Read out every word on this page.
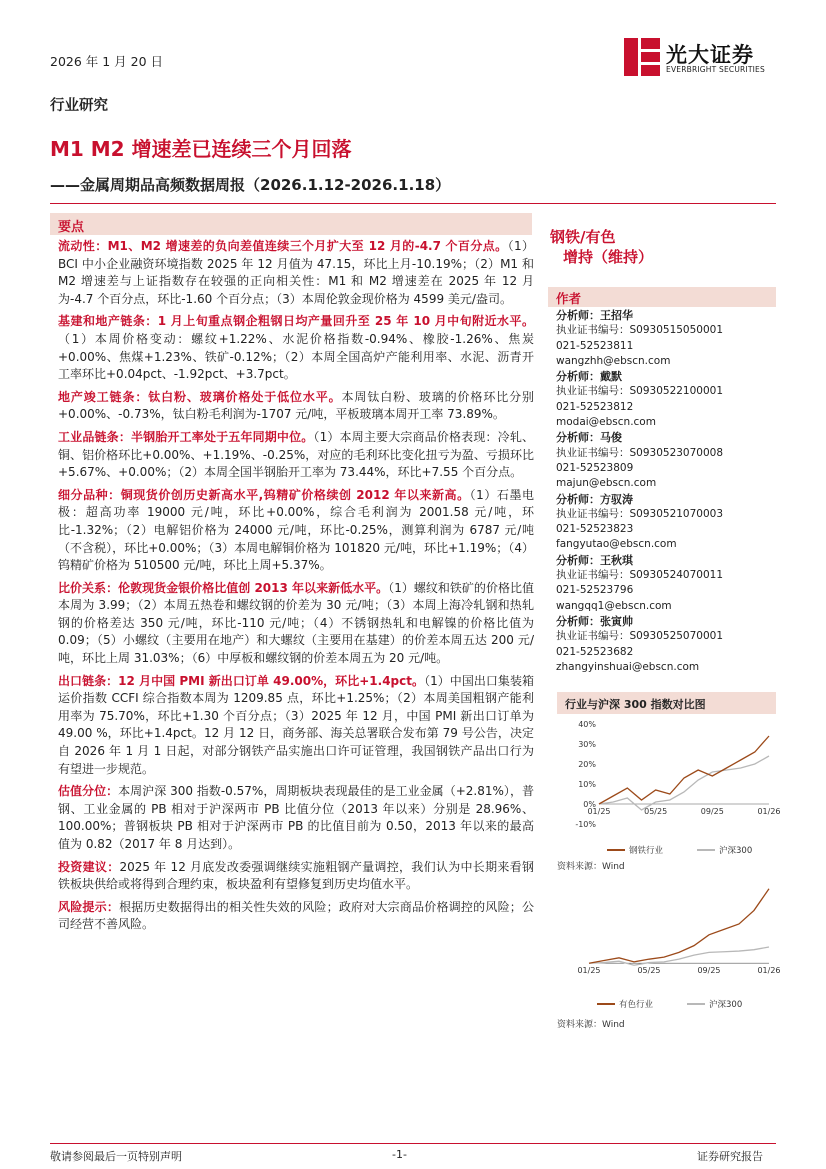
2026 年 1 月 20 日	光大证券
EVERBRIGHT SECURITIES
行业研究
M1 M2 增速差已连续三个月回落
——金属周期品高频数据周报（2026.1.12-2026.1.18）
要点

流动性：M1、M2 增速差的负向差值连续三个月扩大至 12 月的-4.7 个百分点。（1）BCI 中小企业融资环境指数 2025 年 12 月值为 47.15，环比上月-10.19%；（2）M1 和 M2 增速差与上证指数存在较强的正向相关性：M1 和 M2 增速差在 2025 年 12 月为-4.7 个百分点，环比-1.60 个百分点；（3）本周伦敦金现价格为 4599 美元/盎司。

基建和地产链条：1 月上旬重点钢企粗钢日均产量回升至 25 年 10 月中旬附近水平。（1）本周价格变动：螺纹+1.22%、水泥价格指数-0.94%、橡胶-1.26%、焦炭+0.00%、焦煤+1.23%、铁矿-0.12%；（2）本周全国高炉产能利用率、水泥、沥青开工率环比+0.04pct、-1.92pct、+3.7pct。

地产竣工链条：钛白粉、玻璃价格处于低位水平。本周钛白粉、玻璃的价格环比分别+0.00%、-0.73%，钛白粉毛利润为-1707 元/吨，平板玻璃本周开工率 73.89%。

工业品链条：半钢胎开工率处于五年同期中位。（1）本周主要大宗商品价格表现：冷轧、铜、铝价格环比+0.00%、+1.19%、-0.25%，对应的毛利环比变化扭亏为盈、亏损环比+5.67%、+0.00%；（2）本周全国半钢胎开工率为 73.44%，环比+7.55 个百分点。

细分品种：铜现货价创历史新高水平,钨精矿价格续创 2012 年以来新高。（1）石墨电极：超高功率 19000 元/吨，环比+0.00%，综合毛利润为 2001.58 元/吨，环比-1.32%；（2）电解铝价格为 24000 元/吨，环比-0.25%，测算利润为 6787 元/吨（不含税），环比+0.00%；（3）本周电解铜价格为 101820 元/吨，环比+1.19%；（4）钨精矿价格为 510500 元/吨，环比上周+5.37%。

比价关系：伦敦现货金银价格比值创 2013 年以来新低水平。（1）螺纹和铁矿的价格比值本周为 3.99；（2）本周五热卷和螺纹钢的价差为 30 元/吨；（3）本周上海冷轧钢和热轧钢的价格差达 350 元/吨，环比-110 元/吨；（4）不锈钢热轧和电解镍的价格比值为 0.09；（5）小螺纹（主要用在地产）和大螺纹（主要用在基建）的价差本周五达 200 元/吨，环比上周 31.03%；（6）中厚板和螺纹钢的价差本周五为 20 元/吨。

出口链条：12 月中国 PMI 新出口订单 49.00%，环比+1.4pct。（1）中国出口集装箱运价指数 CCFI 综合指数本周为 1209.85 点，环比+1.25%；（2）本周美国粗钢产能利用率为 75.70%，环比+1.30 个百分点；（3）2025 年 12 月，中国 PMI 新出口订单为 49.00 %，环比+1.4pct。12 月 12 日，商务部、海关总署联合发布第 79 号公告，决定自 2026 年 1 月 1 日起，对部分钢铁产品实施出口许可证管理，我国钢铁产品出口行为有望进一步规范。

估值分位：本周沪深 300 指数-0.57%，周期板块表现最佳的是工业金属（+2.81%），普钢、工业金属的 PB 相对于沪深两市 PB 比值分位（2013 年以来）分别是 28.96%、100.00%；普钢板块 PB 相对于沪深两市 PB 的比值目前为 0.50，2013 年以来的最高值为 0.82（2017 年 8 月达到）。

投资建议：2025 年 12 月底发改委强调继续实施粗钢产量调控，我们认为中长期来看钢铁板块供给或将得到合理约束，板块盈利有望修复到历史均值水平。

风险提示：根据历史数据得出的相关性失效的风险；政府对大宗商品价格调控的风险；公司经营不善风险。

钢铁/有色
增持（维持）
作者
分析师：王招华
执业证书编号：S0930515050001
021-52523811
wangzhh@ebscn.com
分析师：戴默
执业证书编号：S0930522100001
021-52523812
modai@ebscn.com
分析师：马俊
执业证书编号：S0930523070008
021-52523809
majun@ebscn.com
分析师：方驭涛
执业证书编号：S0930521070003
021-52523823
fangyutao@ebscn.com
分析师：王秋琪
执业证书编号：S0930524070011
021-52523796
wangqq1@ebscn.com
分析师：张寅帅
执业证书编号：S0930525070001
021-52523682
zhangyinshuai@ebscn.com
行业与沪深 300 指数对比图
40%
30%
20%
10%
0%
-10%
01/25	05/25	09/25	01/26
钢铁行业	沪深300
资料来源：Wind
01/25	05/25	09/25	01/26
有色行业	沪深300
资料来源：Wind
敬请参阅最后一页特别声明	-1-	证券研究报告
